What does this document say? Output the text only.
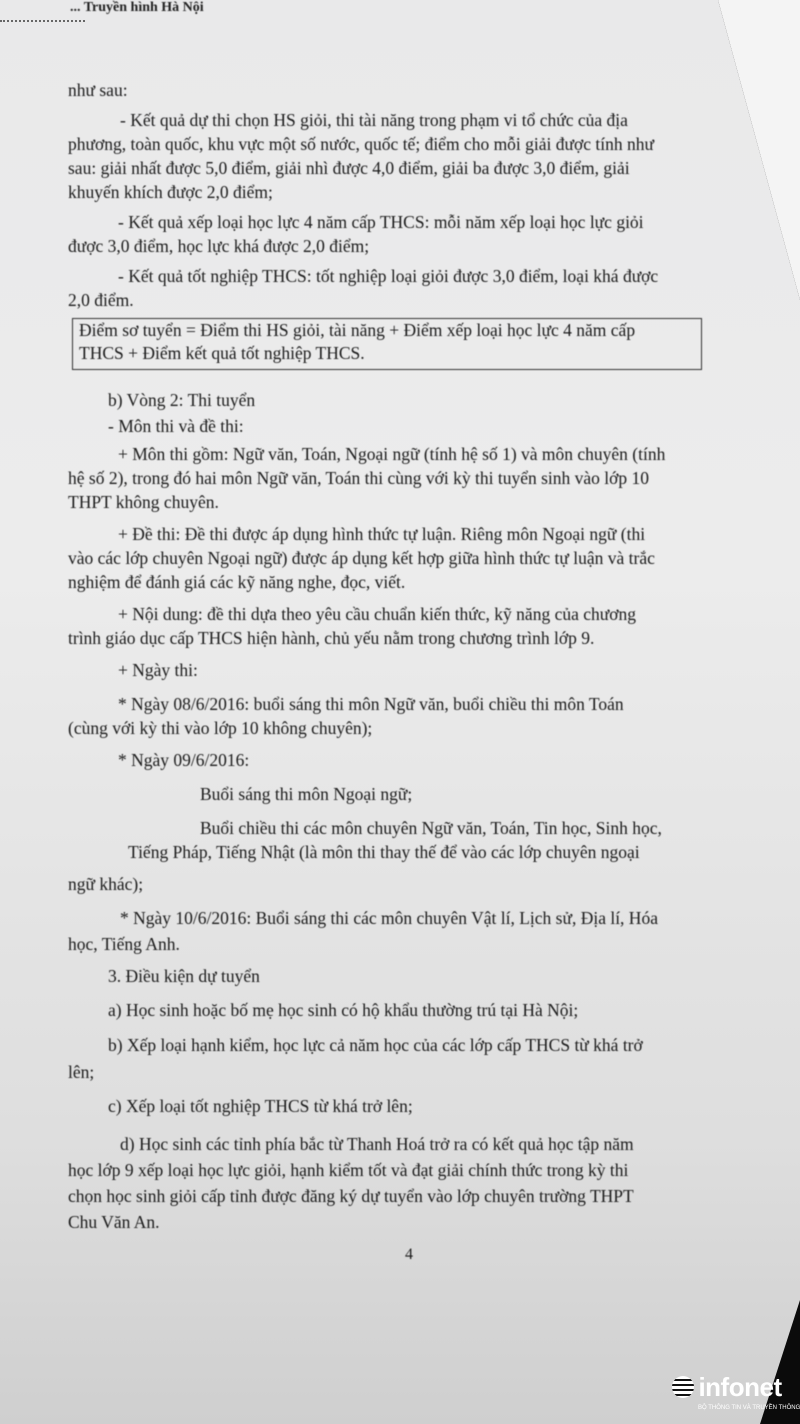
... Truyền hình Hà Nội
Điểm sơ tuyển = Điểm thi HS giỏi, tài năng + Điểm xếp loại học lực 4 năm cấp
THCS + Điểm kết quả tốt nghiệp THCS.
4
như sau:
- Kết quả dự thi chọn HS giỏi, thi tài năng trong phạm vi tổ chức của địa
phương, toàn quốc, khu vực một số nước, quốc tế; điểm cho mỗi giải được tính như
sau: giải nhất được 5,0 điểm, giải nhì được 4,0 điểm, giải ba được 3,0 điểm, giải
khuyến khích được 2,0 điểm;
- Kết quả xếp loại học lực 4 năm cấp THCS: mỗi năm xếp loại học lực giỏi
được 3,0 điểm, học lực khá được 2,0 điểm;
- Kết quả tốt nghiệp THCS: tốt nghiệp loại giỏi được 3,0 điểm, loại khá được
2,0 điểm.
b) Vòng 2: Thi tuyển
- Môn thi và đề thi:
+ Môn thi gồm: Ngữ văn, Toán, Ngoại ngữ (tính hệ số 1) và môn chuyên (tính
hệ số 2), trong đó hai môn Ngữ văn, Toán thi cùng với kỳ thi tuyển sinh vào lớp 10
THPT không chuyên.
+ Đề thi: Đề thi được áp dụng hình thức tự luận. Riêng môn Ngoại ngữ (thi
vào các lớp chuyên Ngoại ngữ) được áp dụng kết hợp giữa hình thức tự luận và trắc
nghiệm để đánh giá các kỹ năng nghe, đọc, viết.
+ Nội dung: đề thi dựa theo yêu cầu chuẩn kiến thức, kỹ năng của chương
trình giáo dục cấp THCS hiện hành, chủ yếu nằm trong chương trình lớp 9.
+ Ngày thi:
* Ngày 08/6/2016: buổi sáng thi môn Ngữ văn, buổi chiều thi môn Toán
(cùng với kỳ thi vào lớp 10 không chuyên);
* Ngày 09/6/2016:
Buổi sáng thi môn Ngoại ngữ;
Buổi chiều thi các môn chuyên Ngữ văn, Toán, Tin học, Sinh học,
Tiếng Pháp, Tiếng Nhật (là môn thi thay thế để vào các lớp chuyên ngoại
ngữ khác);
* Ngày 10/6/2016: Buổi sáng thi các môn chuyên Vật lí, Lịch sử, Địa lí, Hóa
học, Tiếng Anh.
3. Điều kiện dự tuyển
a) Học sinh hoặc bố mẹ học sinh có hộ khẩu thường trú tại Hà Nội;
b) Xếp loại hạnh kiểm, học lực cả năm học của các lớp cấp THCS từ khá trở
lên;
c) Xếp loại tốt nghiệp THCS từ khá trở lên;
d) Học sinh các tỉnh phía bắc từ Thanh Hoá trở ra có kết quả học tập năm
học lớp 9 xếp loại học lực giỏi, hạnh kiểm tốt và đạt giải chính thức trong kỳ thi
chọn học sinh giỏi cấp tỉnh được đăng ký dự tuyển vào lớp chuyên trường THPT
Chu Văn An.
infonet
BỘ THÔNG TIN VÀ TRUYỀN THÔNG
